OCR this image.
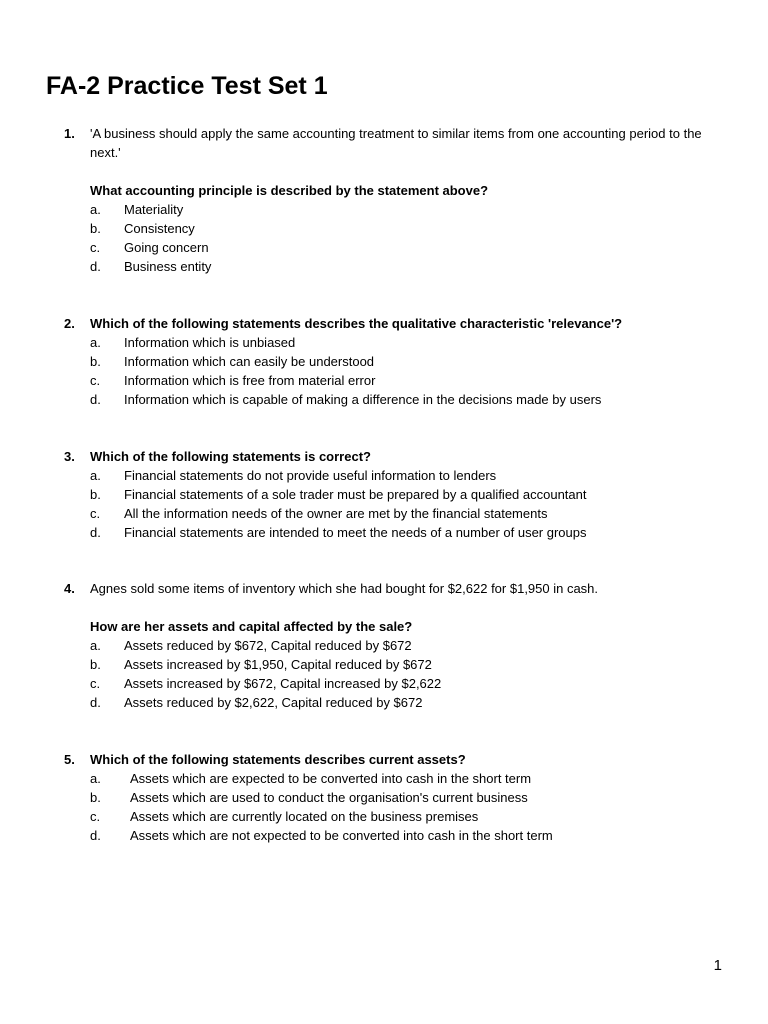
FA-2 Practice Test Set 1
1.	'A business should apply the same accounting treatment to similar items from one accounting period to the next.'

What accounting principle is described by the statement above?

a.	Materiality
b.	Consistency
c.	Going concern
d.	Business entity
2.	Which of the following statements describes the qualitative characteristic 'relevance'?

a.	Information which is unbiased
b.	Information which can easily be understood
c.	Information which is free from material error
d.	Information which is capable of making a difference in the decisions made by users
3.	Which of the following statements is correct?

a.	Financial statements do not provide useful information to lenders
b.	Financial statements of a sole trader must be prepared by a qualified accountant
c.	All the information needs of the owner are met by the financial statements
d.	Financial statements are intended to meet the needs of a number of user groups
4.	Agnes sold some items of inventory which she had bought for $2,622 for $1,950 in cash.

How are her assets and capital affected by the sale?

a.	Assets reduced by $672, Capital reduced by $672
b.	Assets increased by $1,950, Capital reduced by $672
c.	Assets increased by $672, Capital increased by $2,622
d.	Assets reduced by $2,622, Capital reduced by $672
5.	Which of the following statements describes current assets?

a.	Assets which are expected to be converted into cash in the short term
b.	Assets which are used to conduct the organisation's current business
c.	Assets which are currently located on the business premises
d.	Assets which are not expected to be converted into cash in the short term
1
